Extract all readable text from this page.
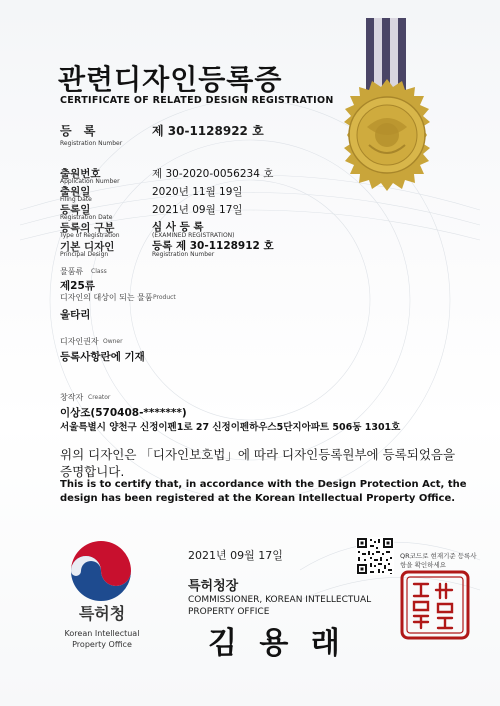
관련디자인등록증
CERTIFICATE OF RELATED DESIGN REGISTRATION
등 록
Registration Number
제 30-1128922 호
출원번호
Application Number
제 30-2020-0056234 호
출원일
Filing Date
2020년 11월 19일
등록일
Registration Date
2021년 09월 17일
등록의 구분
Type of Registration
심 사 등 록
(EXAMINED REGISTRATION)
기본 디자인
Principal Design
등록 제 30-1128912 호
Registration Number
물품류 Class
제25류
디자인의 대상이 되는 물품 Product
울타리
디자인권자 Owner
등록사항란에 기재
창작자 Creator
이상조(570408-*******)
서울특별시 양천구 신정이펜1로 27 신정이펜하우스5단지아파트 506동 1301호
위의 디자인은 「디자인보호법」에 따라 디자인등록원부에 등록되었음을 증명합니다.
This is to certify that, in accordance with the Design Protection Act, the design has been registered at the Korean Intellectual Property Office.
특허청
Korean Intellectual Property Office
2021년 09월 17일
특허청장
COMMISSIONER, KOREAN INTELLECTUAL PROPERTY OFFICE
김 용 래
QR코드로 현재기준 등록사항을 확인하세요
